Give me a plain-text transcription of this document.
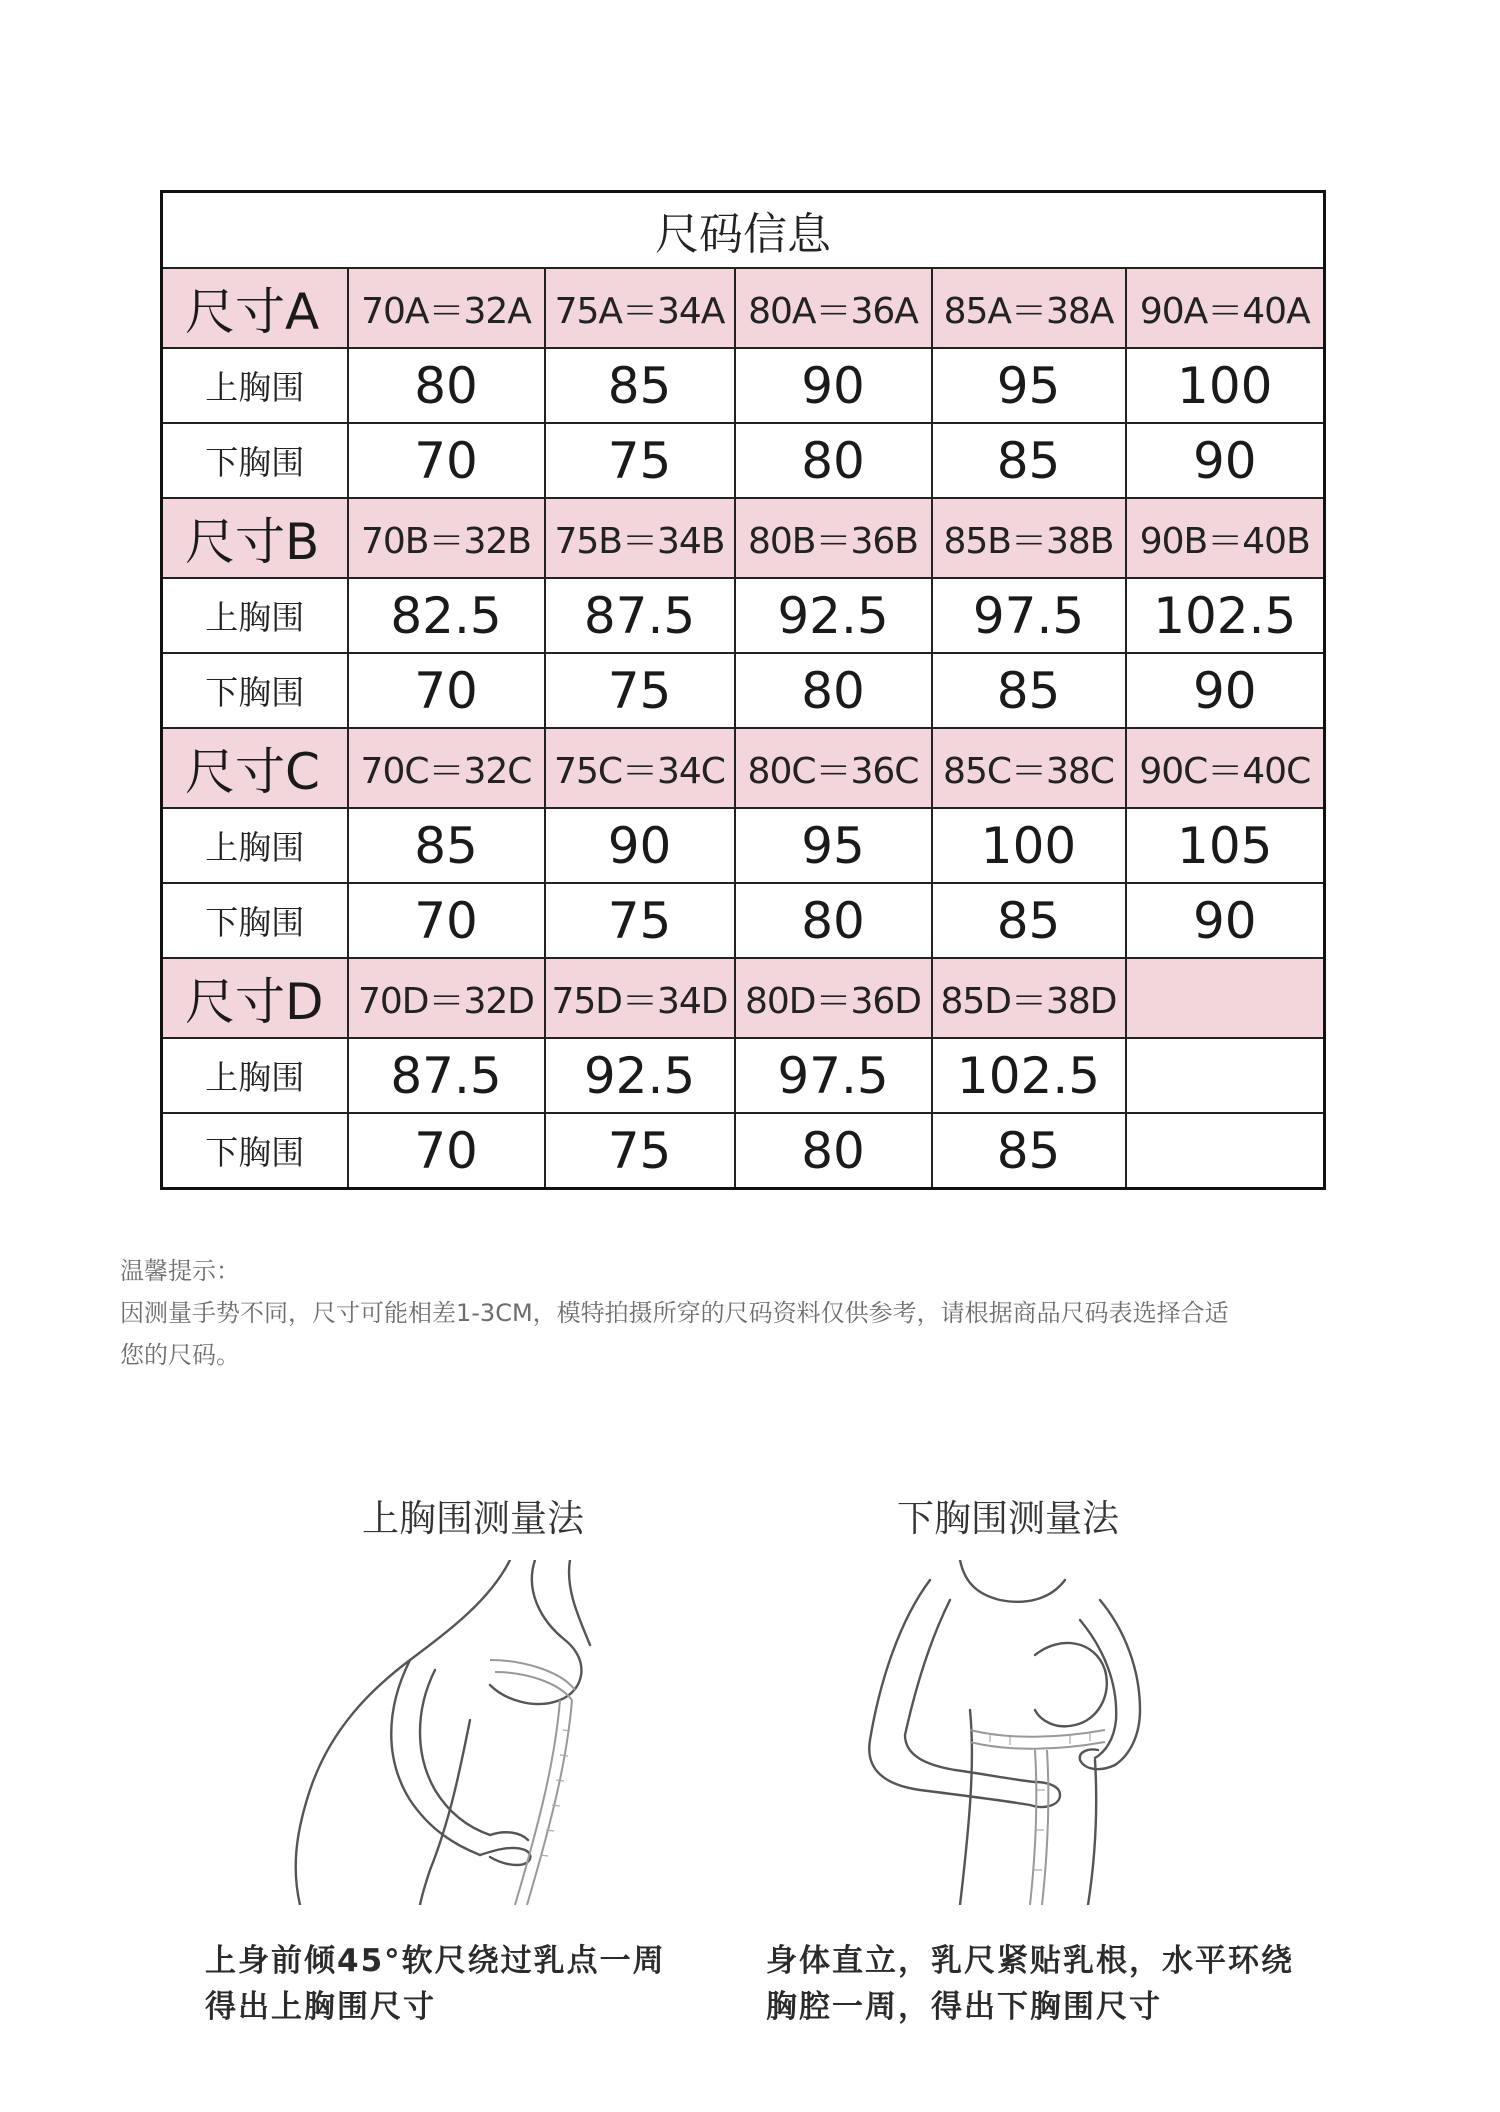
尺码信息					
尺寸A	70A＝32A	75A＝34A	80A＝36A	85A＝38A	90A＝40A
上胸围	80	85	90	95	100
下胸围	70	75	80	85	90
尺寸B	70B＝32B	75B＝34B	80B＝36B	85B＝38B	90B＝40B
上胸围	82.5	87.5	92.5	97.5	102.5
下胸围	70	75	80	85	90
尺寸C	70C＝32C	75C＝34C	80C＝36C	85C＝38C	90C＝40C
上胸围	85	90	95	100	105
下胸围	70	75	80	85	90
尺寸D	70D＝32D	75D＝34D	80D＝36D	85D＝38D	
上胸围	87.5	92.5	97.5	102.5	
下胸围	70	75	80	85	
温馨提示：
因测量手势不同，尺寸可能相差1-3CM，模特拍摄所穿的尺码资料仅供参考，请根据商品尺码表选择合适
您的尺码。
上胸围测量法	下胸围测量法
上身前倾45°软尺绕过乳点一周
得出上胸围尺寸
身体直立，乳尺紧贴乳根，水平环绕
胸腔一周，得出下胸围尺寸
